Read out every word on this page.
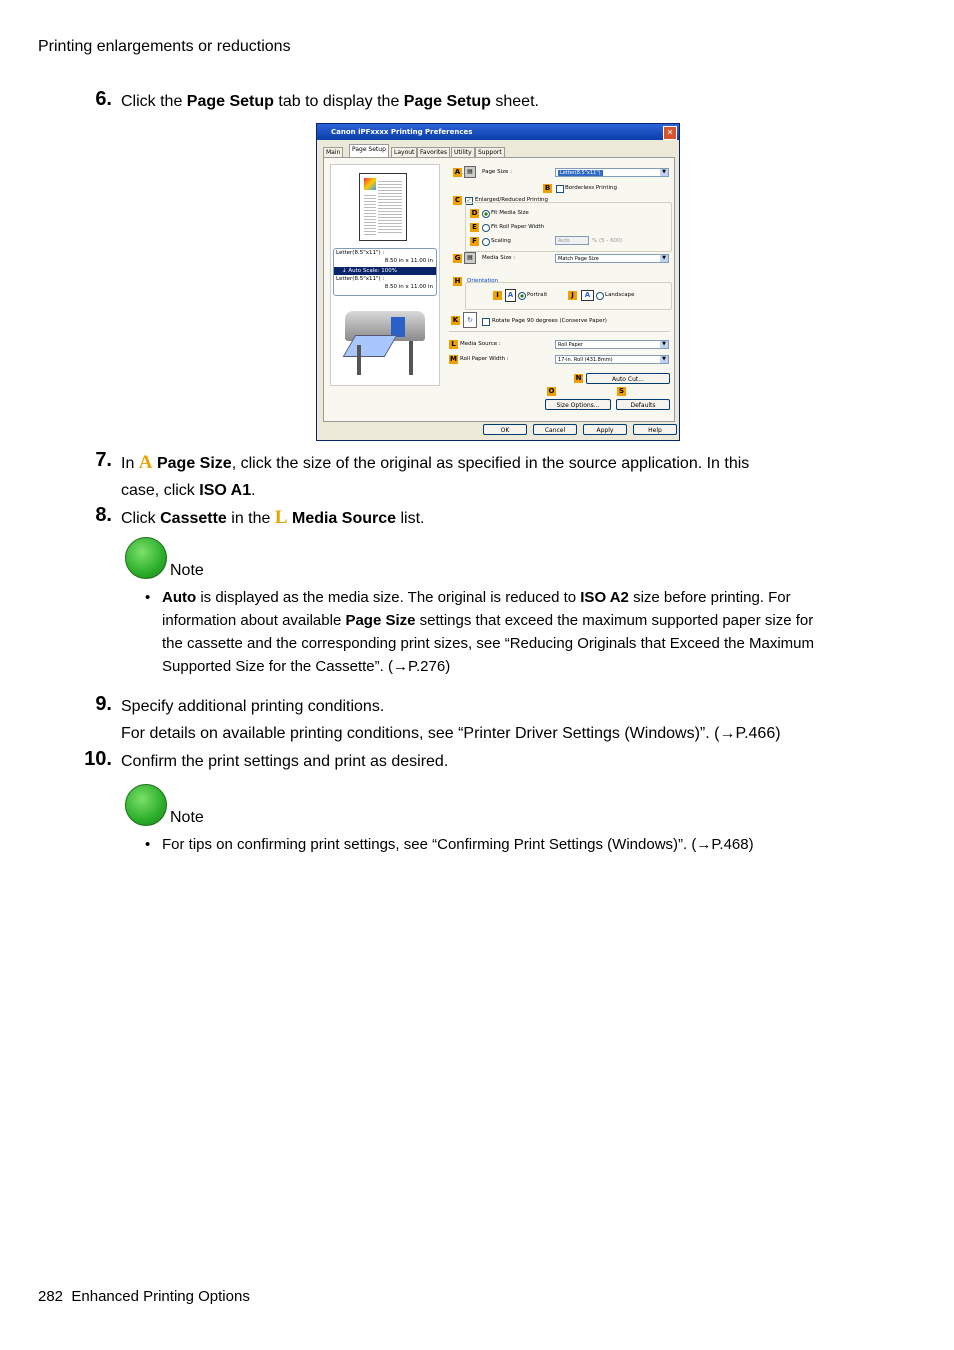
Printing enlargements or reductions
6. Click the Page Setup tab to display the Page Setup sheet.
Canon iPFxxxx Printing Preferences	✕
Main	Page Setup	Layout Favorites	Utility	Support
Letter(8.5"x11") :
8.50 in x 11.00 in
↓ Auto Scale: 100%
Letter(8.5"x11") :
8.50 in x 11.00 in
A	▤	Page Size :	Letter(8.5"x11")	▼
B	Borderless Printing
C	✓ Enlarged/Reduced Printing
D Fit Media Size
E	Fit Roll Paper Width
F	Scaling	Auto	% (5 - 600)
G	▤	Media Size :	Match Page Size	▼
H Orientation
I	A	Portrait	J	A	Landscape
K	↻	Rotate Page 90 degrees (Conserve Paper)
L Media Source :	Roll Paper	▼
M Roll Paper Width :	17-in. Roll (431.8mm)	▼
N	Auto Cut...
O	S
Size Options...	Defaults
OK	Cancel	Apply	Help
7. In A Page Size, click the size of the original as specified in the source application. In this
case, click ISO A1.
8. Click Cassette in the L Media Source list.
Note
• Auto is displayed as the media size. The original is reduced to ISO A2 size before printing. For
information about available Page Size settings that exceed the maximum supported paper size for
the cassette and the corresponding print sizes, see “Reducing Originals that Exceed the Maximum
Supported Size for the Cassette”. (→P.276)
9. Specify additional printing conditions.
For details on available printing conditions, see “Printer Driver Settings (Windows)”. (→P.466)
10. Confirm the print settings and print as desired.
Note
• For tips on confirming print settings, see “Confirming Print Settings (Windows)”. (→P.468)
282 Enhanced Printing Options
